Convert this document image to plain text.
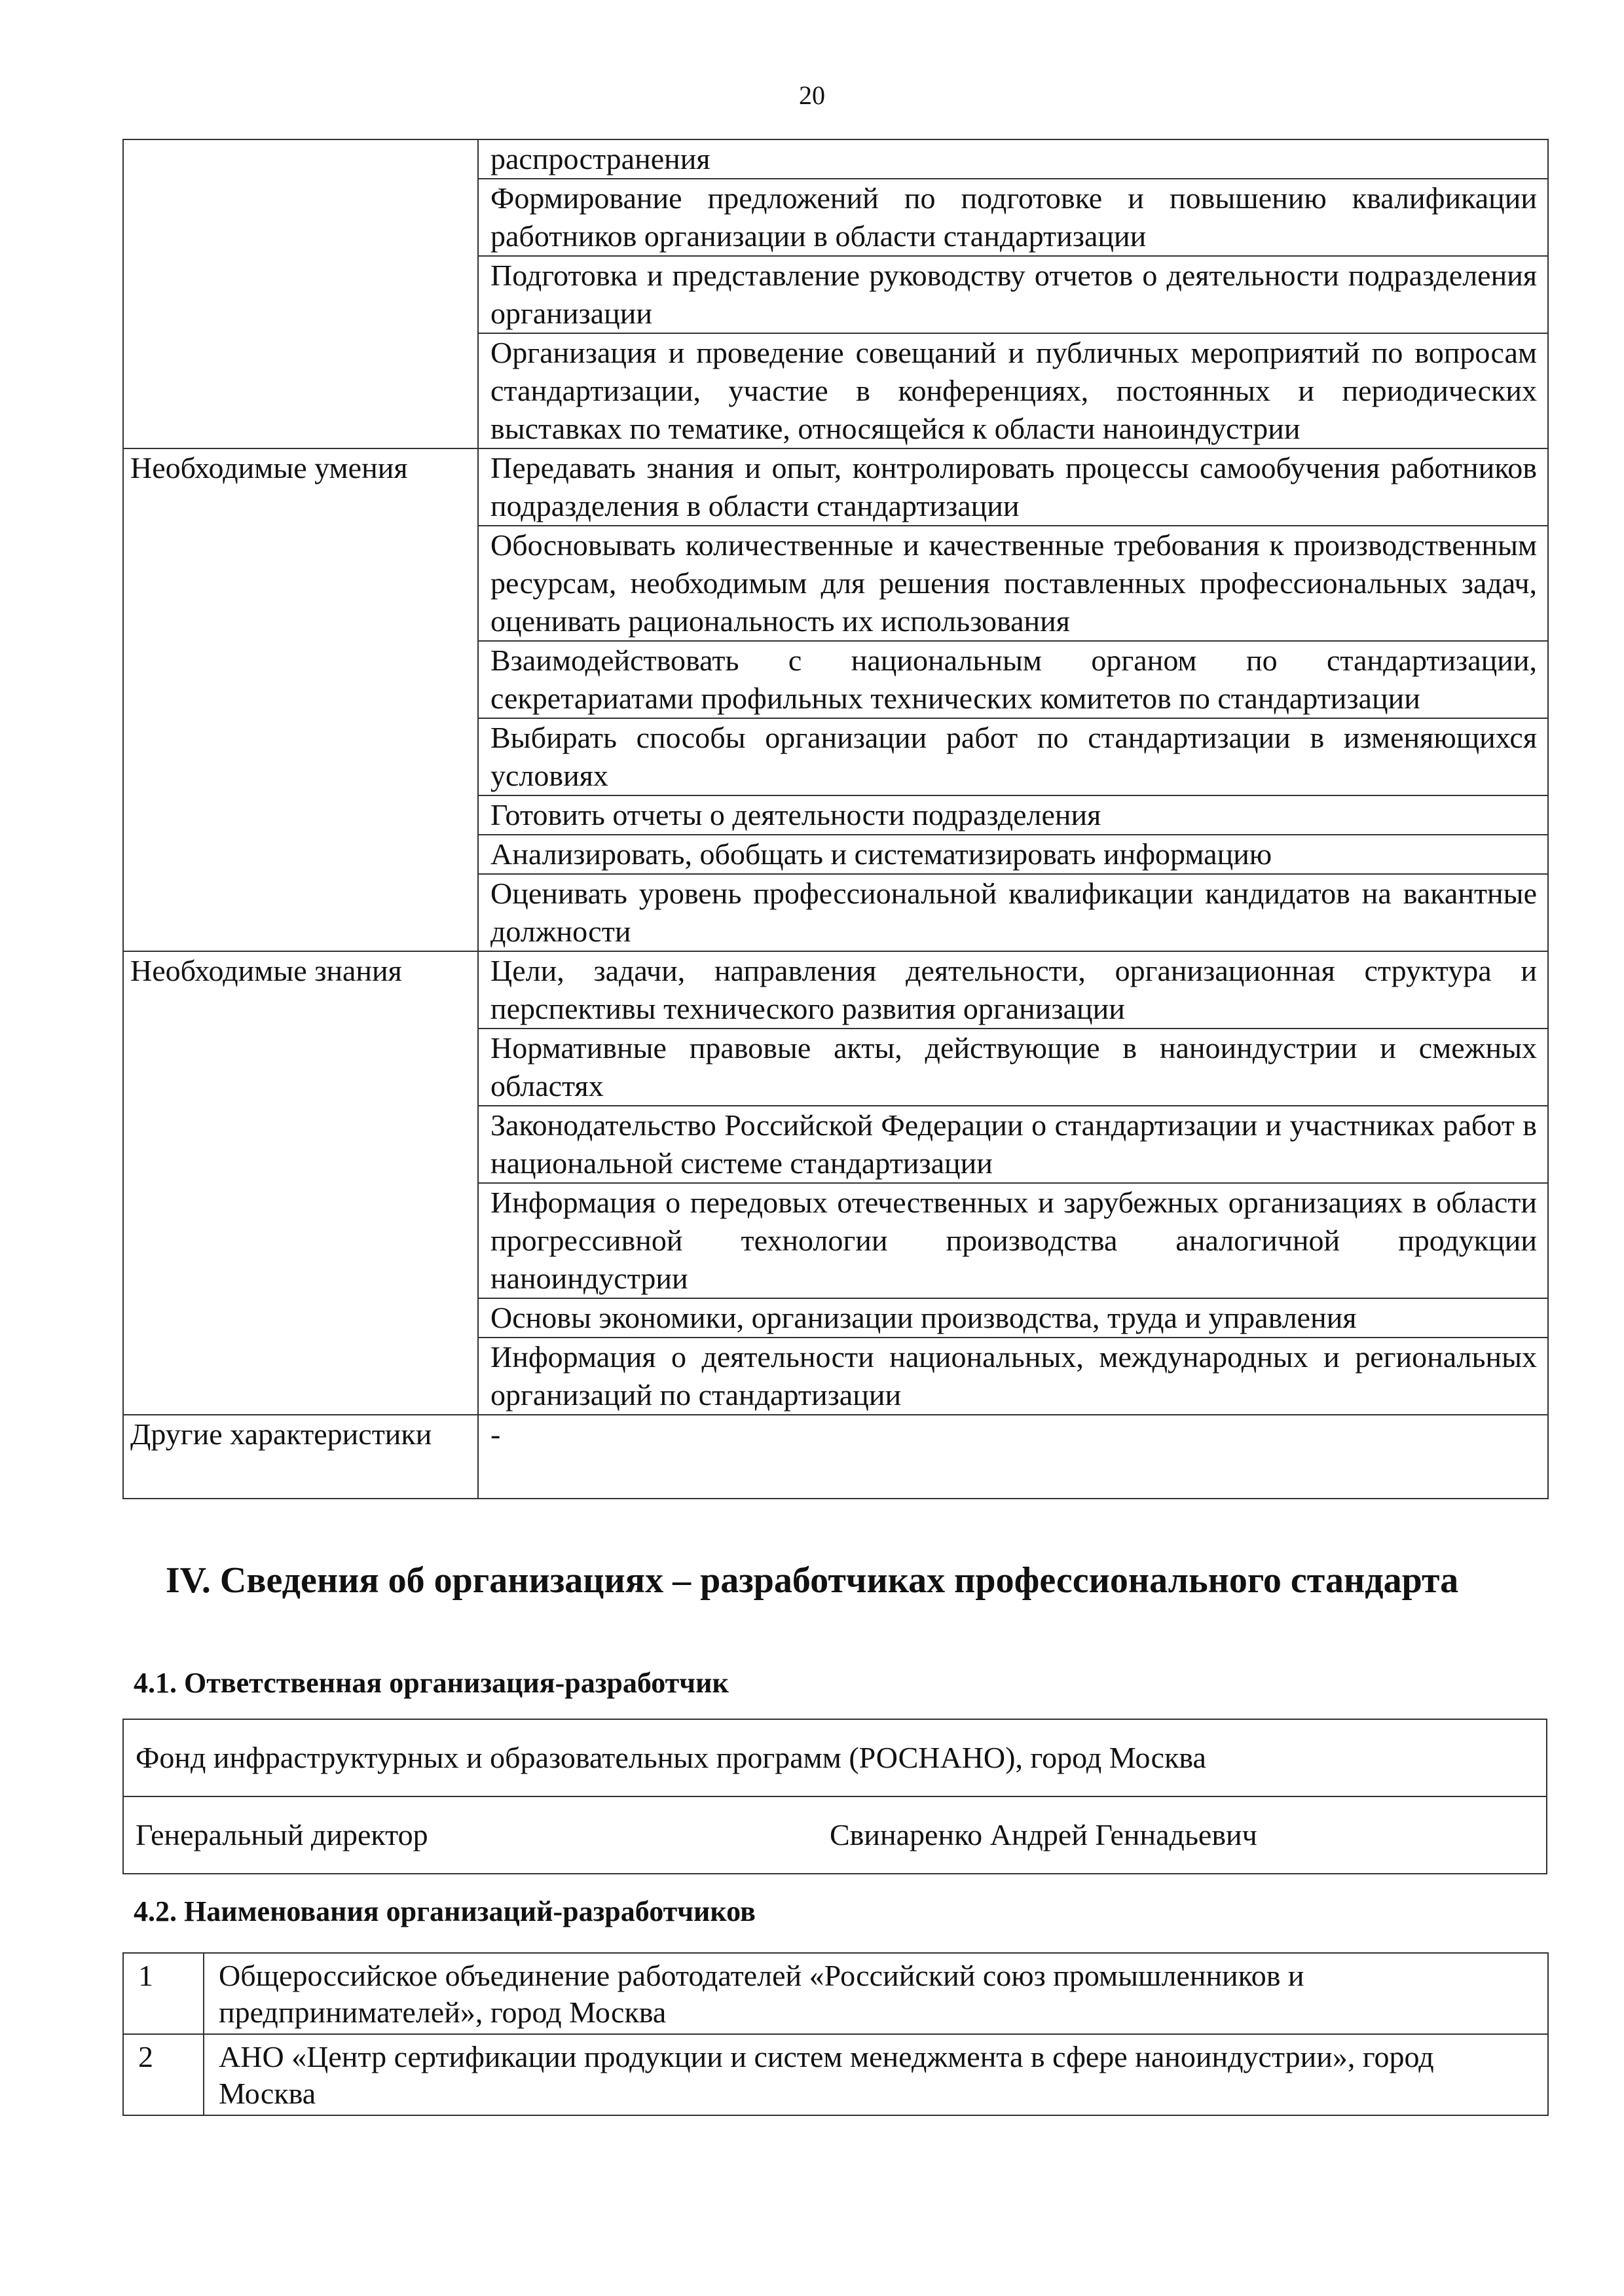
20
	распространения
	Формирование предложений по подготовке и повышению квалификации работников организации в области стандартизации
	Подготовка и представление руководству отчетов о деятельности подразделения организации
	Организация и проведение совещаний и публичных мероприятий по вопросам стандартизации, участие в конференциях, постоянных и периодических выставках по тематике, относящейся к области наноиндустрии
Необходимые умения	Передавать знания и опыт, контролировать процессы самообучения работников подразделения в области стандартизации
	Обосновывать количественные и качественные требования к производственным ресурсам, необходимым для решения поставленных профессиональных задач, оценивать рациональность их использования
	Взаимодействовать с национальным органом по стандартизации, секретариатами профильных технических комитетов по стандартизации
	Выбирать способы организации работ по стандартизации в изменяющихся условиях
	Готовить отчеты о деятельности подразделения
	Анализировать, обобщать и систематизировать информацию
	Оценивать уровень профессиональной квалификации кандидатов на вакантные должности
Необходимые знания	Цели, задачи, направления деятельности, организационная структура и перспективы технического развития организации
	Нормативные правовые акты, действующие в наноиндустрии и смежных областях
	Законодательство Российской Федерации о стандартизации и участниках работ в национальной системе стандартизации
	Информация о передовых отечественных и зарубежных организациях в области прогрессивной технологии производства аналогичной продукции наноиндустрии
	Основы экономики, организации производства, труда и управления
	Информация о деятельности национальных, международных и региональных организаций по стандартизации
Другие характеристики	-
IV. Сведения об организациях – разработчиках профессионального стандарта
4.1. Ответственная организация-разработчик
Фонд инфраструктурных и образовательных программ (РОСНАНО), город Москва

Генеральный директор	Свинаренко Андрей Геннадьевич
4.2. Наименования организаций-разработчиков
1	Общероссийское объединение работодателей «Российский союз промышленников и предпринимателей», город Москва
2	АНО «Центр сертификации продукции и систем менеджмента в сфере наноиндустрии», город Москва
